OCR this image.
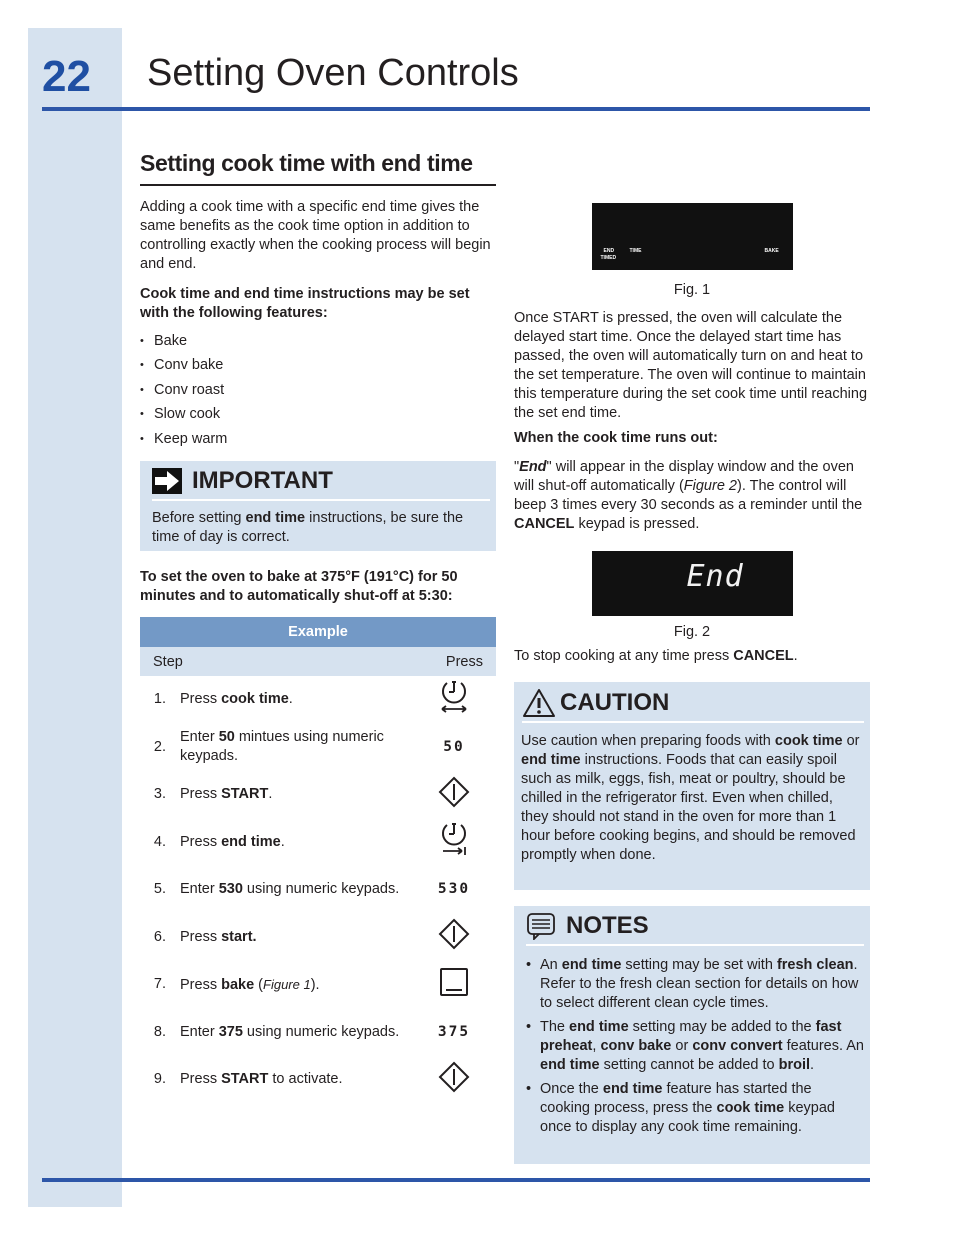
22 Setting Oven Controls
Setting cook time with end time

Adding a cook time with a specific end time gives the same benefits as the cook time option in addition to controlling exactly when the cooking process will begin and end.

Cook time and end time instructions may be set with the following features:

• Bake
• Conv bake
• Conv roast
• Slow cook
• Keep warm
IMPORTANT

Before setting end time instructions, be sure the time of day is correct.

To set the oven to bake at 375°F (191°C) for 50 minutes and to automatically shut-off at 5:30:

Example		
Step		Press
1.	Press cook time.	
2.	Enter 50 mintues using numeric keypads.	50
3.	Press START.	
4.	Press end time.	
5.	Enter 530 using numeric keypads.	530
6.	Press start.	
7.	Press bake (Figure 1).	
8.	Enter 375 using numeric keypads.	375
9.	Press START to activate.	
END
TIMED
TIME	BAKE

Fig. 1

Once START is pressed, the oven will calculate the delayed start time. Once the delayed start time has passed, the oven will automatically turn on and heat to the set temperature. The oven will continue to maintain this temperature during the set cook time until reaching the set end time.

When the cook time runs out:

"End" will appear in the display window and the oven will shut-off automatically (Figure 2). The control will beep 3 times every 30 seconds as a reminder until the CANCEL keypad is pressed.

End

Fig. 2

To stop cooking at any time press CANCEL.

CAUTION

Use caution when preparing foods with cook time or end time instructions. Foods that can easily spoil such as milk, eggs, fish, meat or poultry, should be chilled in the refrigerator first. Even when chilled, they should not stand in the oven for more than 1 hour before cooking begins, and should be removed promptly when done.

NOTES
• An end time setting may be set with fresh clean. Refer to the fresh clean section for details on how to select different clean cycle times.
• The end time setting may be added to the fast preheat, conv bake or conv convert features. An end time setting cannot be added to broil.
• Once the end time feature has started the cooking process, press the cook time keypad once to display any cook time remaining.
